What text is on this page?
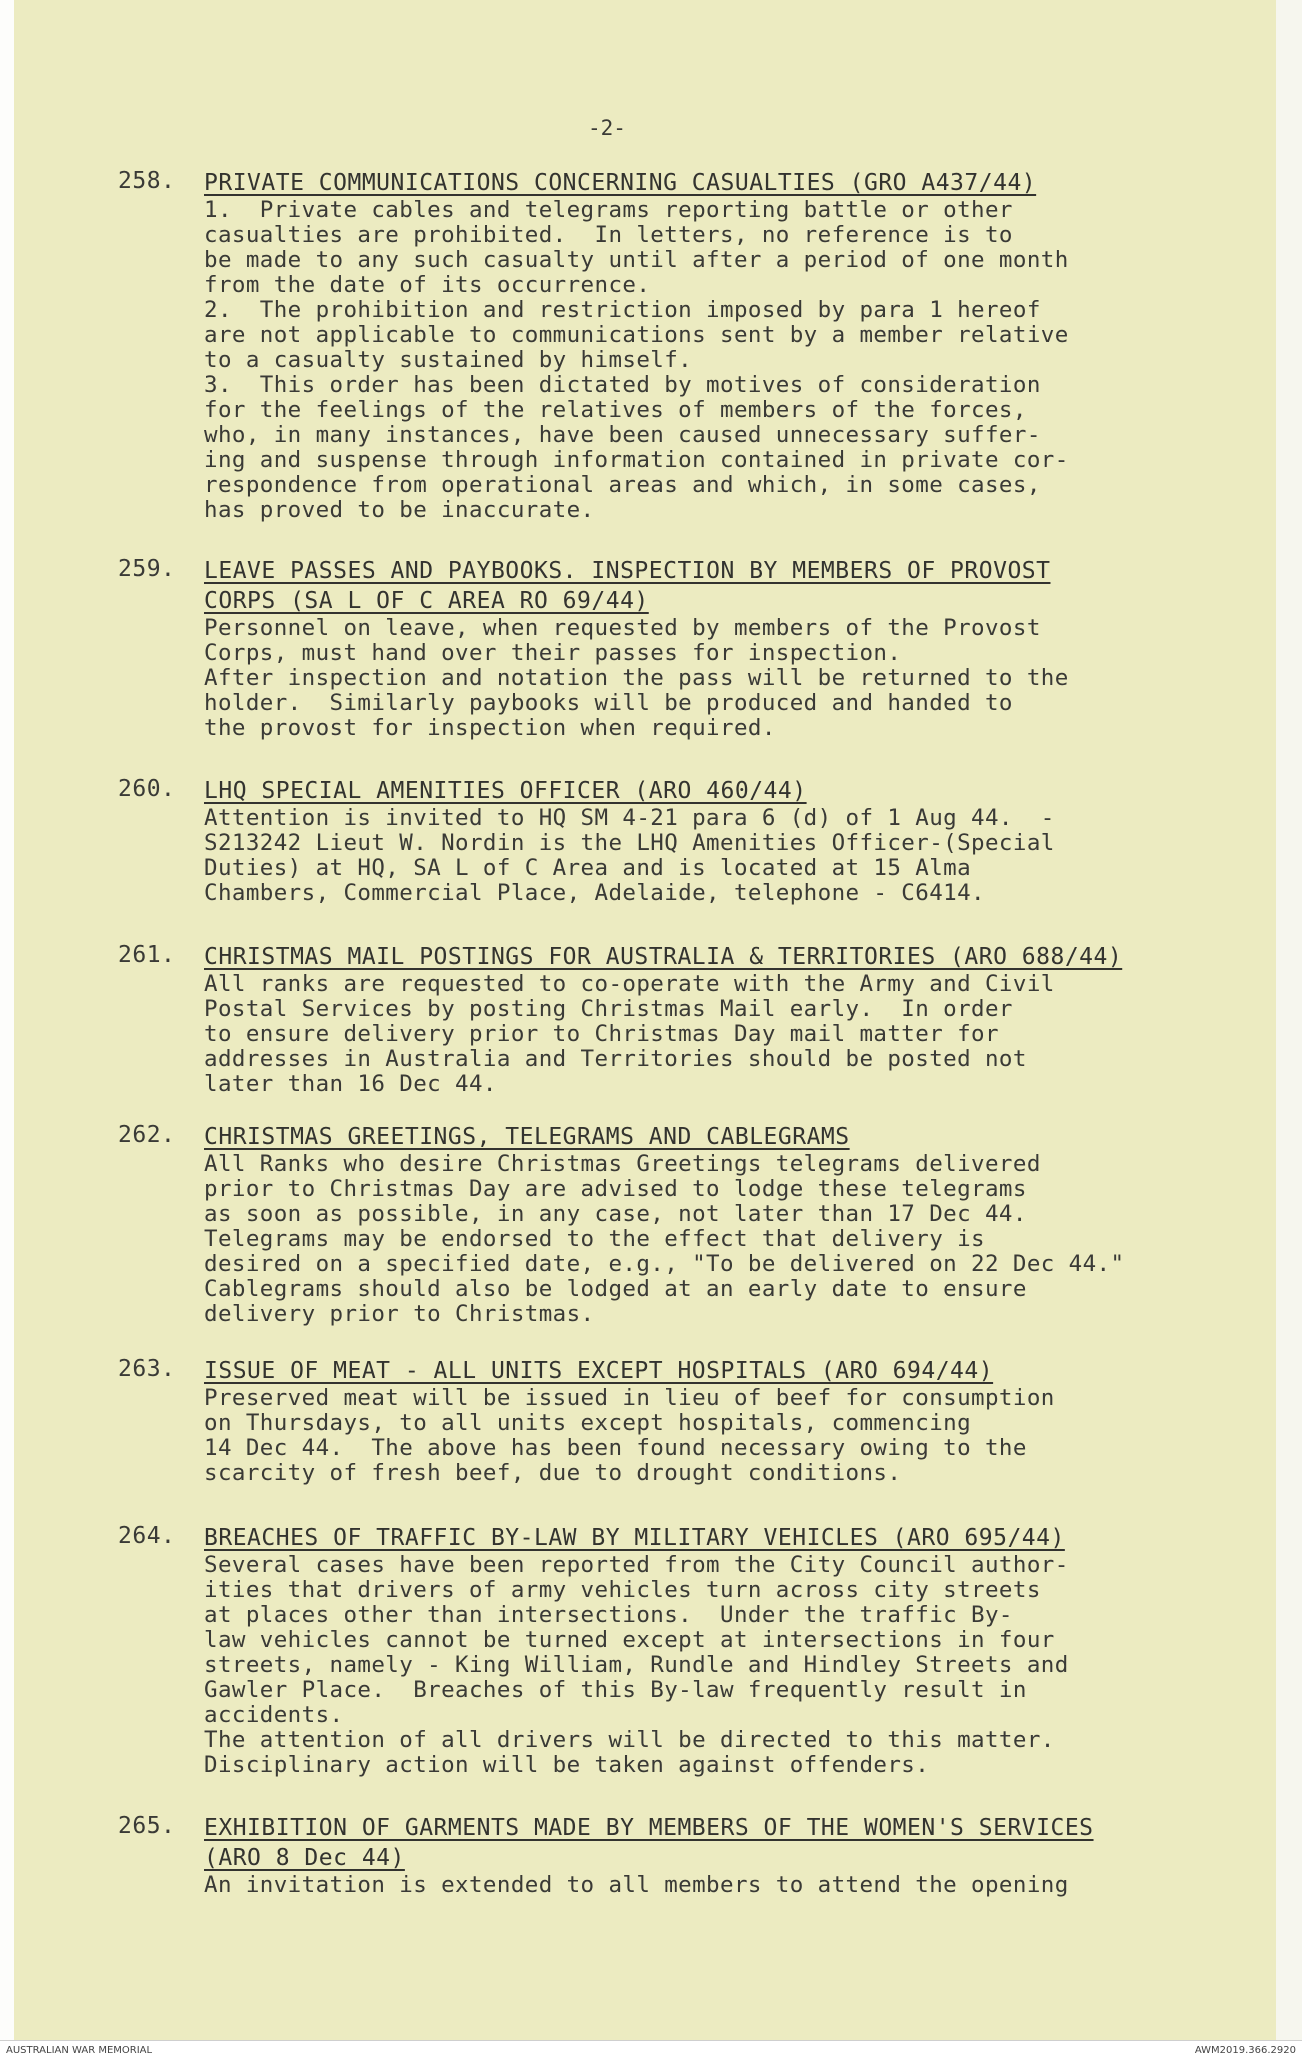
-2-
258.	PRIVATE COMMUNICATIONS CONCERNING CASUALTIES (GRO A437/44)

1.  Private cables and telegrams reporting battle or other

casualties are prohibited.  In letters, no reference is to

be made to any such casualty until after a period of one month

from the date of its occurrence.

2.  The prohibition and restriction imposed by para 1 hereof

are not applicable to communications sent by a member relative

to a casualty sustained by himself.

3.  This order has been dictated by motives of consideration

for the feelings of the relatives of members of the forces,

who, in many instances, have been caused unnecessary suffer-

ing and suspense through information contained in private cor-

respondence from operational areas and which, in some cases,

has proved to be inaccurate.

259.	LEAVE PASSES AND PAYBOOKS. INSPECTION BY MEMBERS OF PROVOST

CORPS (SA L OF C AREA RO 69/44)

Personnel on leave, when requested by members of the Provost

Corps, must hand over their passes for inspection.

After inspection and notation the pass will be returned to the

holder.  Similarly paybooks will be produced and handed to

the provost for inspection when required.

260.	LHQ SPECIAL AMENITIES OFFICER (ARO 460/44)

Attention is invited to HQ SM 4-21 para 6 (d) of 1 Aug 44.  -

S213242 Lieut W. Nordin is the LHQ Amenities Officer-(Special

Duties) at HQ, SA L of C Area and is located at 15 Alma

Chambers, Commercial Place, Adelaide, telephone - C6414.

261.	CHRISTMAS MAIL POSTINGS FOR AUSTRALIA & TERRITORIES (ARO 688/44)

All ranks are requested to co-operate with the Army and Civil

Postal Services by posting Christmas Mail early.  In order

to ensure delivery prior to Christmas Day mail matter for

addresses in Australia and Territories should be posted not

later than 16 Dec 44.

262.	CHRISTMAS GREETINGS, TELEGRAMS AND CABLEGRAMS

All Ranks who desire Christmas Greetings telegrams delivered

prior to Christmas Day are advised to lodge these telegrams

as soon as possible, in any case, not later than 17 Dec 44.

Telegrams may be endorsed to the effect that delivery is

desired on a specified date, e.g., "To be delivered on 22 Dec 44."

Cablegrams should also be lodged at an early date to ensure

delivery prior to Christmas.

263.	ISSUE OF MEAT - ALL UNITS EXCEPT HOSPITALS (ARO 694/44)

Preserved meat will be issued in lieu of beef for consumption

on Thursdays, to all units except hospitals, commencing

14 Dec 44.  The above has been found necessary owing to the

scarcity of fresh beef, due to drought conditions.

264.	BREACHES OF TRAFFIC BY-LAW BY MILITARY VEHICLES (ARO 695/44)

Several cases have been reported from the City Council author-

ities that drivers of army vehicles turn across city streets

at places other than intersections.  Under the traffic By-

law vehicles cannot be turned except at intersections in four

streets, namely - King William, Rundle and Hindley Streets and

Gawler Place.  Breaches of this By-law frequently result in

accidents.

The attention of all drivers will be directed to this matter.

Disciplinary action will be taken against offenders.

265.	EXHIBITION OF GARMENTS MADE BY MEMBERS OF THE WOMEN'S SERVICES

(ARO 8 Dec 44)

An invitation is extended to all members to attend the opening

AUSTRALIAN WAR MEMORIAL	AWM2019.366.2920
